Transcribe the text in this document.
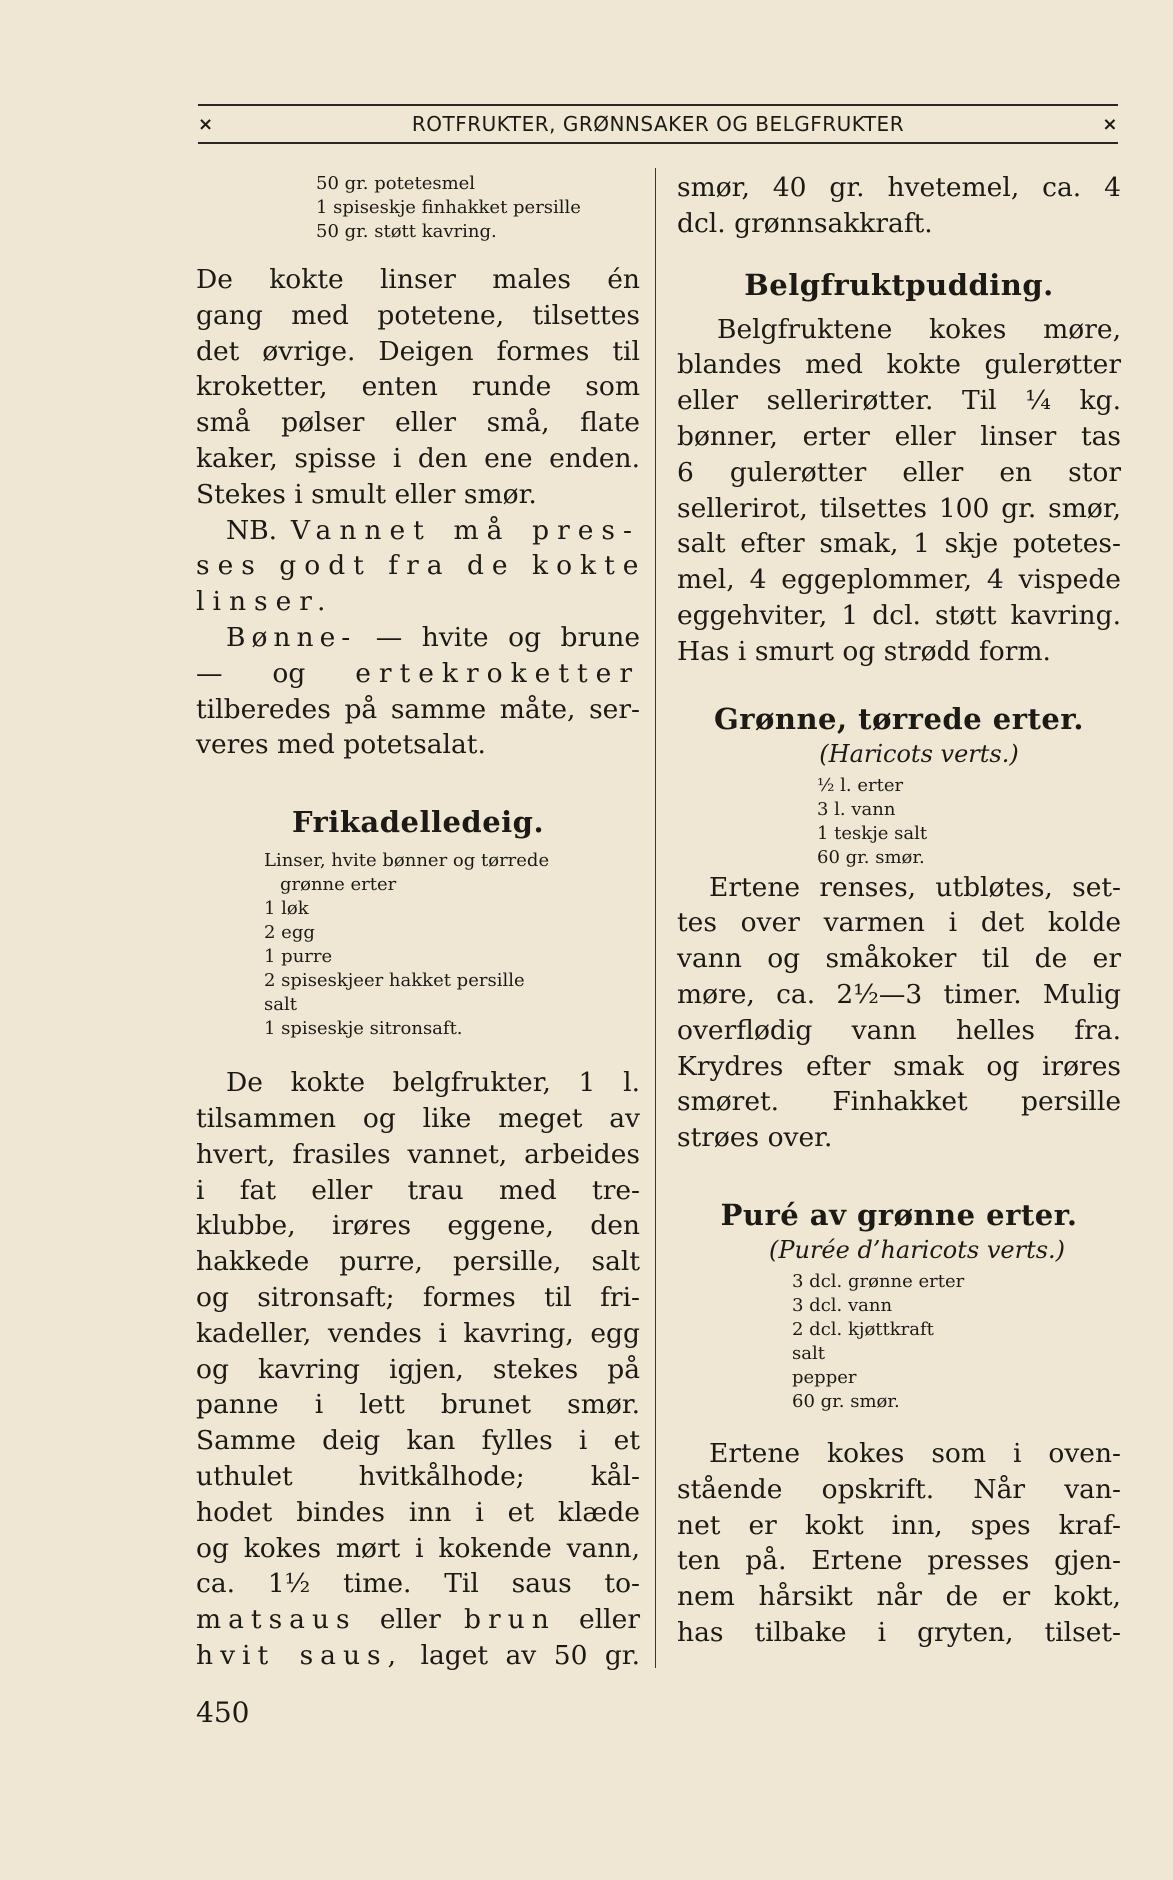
×	ROTFRUKTER, GRØNNSAKER OG BELGFRUKTER	×
50 gr. potetesmel
1 spiseskje finhakket persille
50 gr. støtt kavring.
De kokte linser males én
gang med potetene, tilsettes
det øvrige. Deigen formes til
kroketter, enten runde som
små pølser eller små, flate
kaker, spisse i den ene enden.
Stekes i smult eller smør.
NB. Vannet må pres-
ses godt fra de kokte
linser.
Bønne- — hvite og brune
— og ertekroketter
tilberedes på samme måte, ser-
veres med potetsalat.
Frikadelledeig.
Linser, hvite bønner og tørrede
grønne erter
1 løk
2 egg
1 purre
2 spiseskjeer hakket persille
salt
1 spiseskje sitronsaft.
De kokte belgfrukter, 1 l.
tilsammen og like meget av
hvert, frasiles vannet, arbeides
i fat eller trau med tre-
klubbe, irøres eggene, den
hakkede purre, persille, salt
og sitronsaft; formes til fri-
kadeller, vendes i kavring, egg
og kavring igjen, stekes på
panne i lett brunet smør.
Samme deig kan fylles i et
uthulet hvitkålhode; kål-
hodet bindes inn i et klæde
og kokes mørt i kokende vann,
ca. 1½ time. Til saus to-
matsaus eller brun eller
hvit saus, laget av 50 gr.
smør, 40 gr. hvetemel, ca. 4
dcl. grønnsakkraft.
Belgfruktpudding.
Belgfruktene kokes møre,
blandes med kokte gulerøtter
eller sellerirøtter. Til ¼ kg.
bønner, erter eller linser tas
6 gulerøtter eller en stor
sellerirot, tilsettes 100 gr. smør,
salt efter smak, 1 skje potetes-
mel, 4 eggeplommer, 4 vispede
eggehviter, 1 dcl. støtt kavring.
Has i smurt og strødd form.
Grønne, tørrede erter.
(Haricots verts.)
½ l. erter
3 l. vann
1 teskje salt
60 gr. smør.
Ertene renses, utbløtes, set-
tes over varmen i det kolde
vann og småkoker til de er
møre, ca. 2½—3 timer. Mulig
overflødig vann helles fra.
Krydres efter smak og irøres
smøret. Finhakket persille
strøes over.
Puré av grønne erter.
(Purée d’haricots verts.)
3 dcl. grønne erter
3 dcl. vann
2 dcl. kjøttkraft
salt
pepper
60 gr. smør.
Ertene kokes som i oven-
stående opskrift. Når van-
net er kokt inn, spes kraf-
ten på. Ertene presses gjen-
nem hårsikt når de er kokt,
has tilbake i gryten, tilset-
450
